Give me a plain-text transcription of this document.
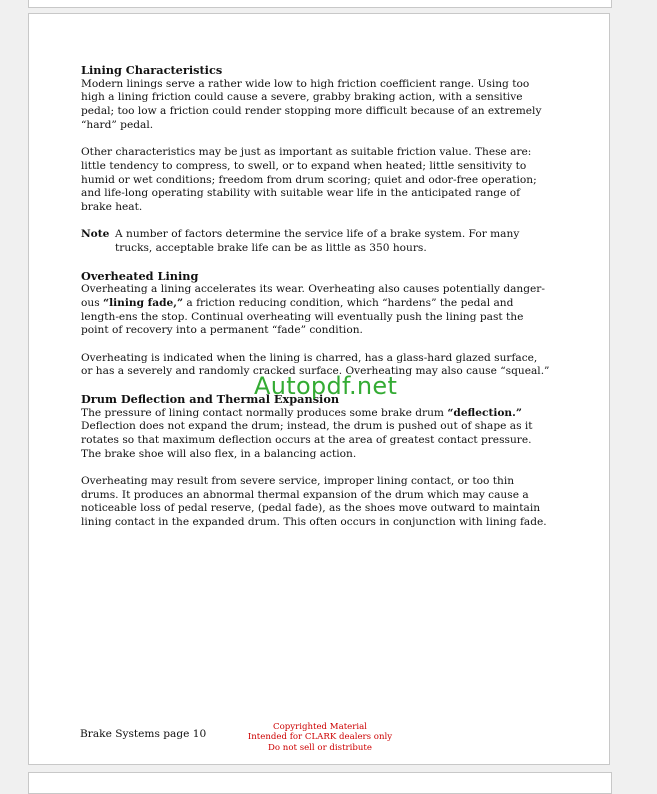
Lining Characteristics

Modern linings serve a rather wide low to high friction coefficient range. Using too high a lining friction could cause a severe, grabby braking action, with a sensitive pedal; too low a friction could render stopping more difficult because of an extremely “hard” pedal.

Other characteristics may be just as important as suitable friction value. These are: little tendency to compress, to swell, or to expand when heated; little sensitivity to humid or wet conditions; freedom from drum scoring; quiet and odor-free operation; and life-long operating stability with suitable wear life in the anticipated range of brake heat.

Note A number of factors determine the service life of a brake system. For many trucks, acceptable brake life can be as little as 350 hours.
Overheated Lining

Overheating a lining accelerates its wear. Overheating also causes potentially danger-ous “lining fade,” a friction reducing condition, which “hardens” the pedal and length-ens the stop. Continual overheating will eventually push the lining past the point of recovery into a permanent “fade” condition.

Overheating is indicated when the lining is charred, has a glass-hard glazed surface, or has a severely and randomly cracked surface. Overheating may also cause “squeal.”

Drum Deflection and Thermal Expansion

The pressure of lining contact normally produces some brake drum “deflection.” Deflection does not expand the drum; instead, the drum is pushed out of shape as it rotates so that maximum deflection occurs at the area of greatest contact pressure. The brake shoe will also flex, in a balancing action.

Overheating may result from severe service, improper lining contact, or too thin drums. It produces an abnormal thermal expansion of the drum which may cause a noticeable loss of pedal reserve, (pedal fade), as the shoes move outward to maintain lining contact in the expanded drum. This often occurs in conjunction with lining fade.

Autopdf.net
Brake Systems page 10
Copyrighted Material
Intended for CLARK dealers only
Do not sell or distribute
